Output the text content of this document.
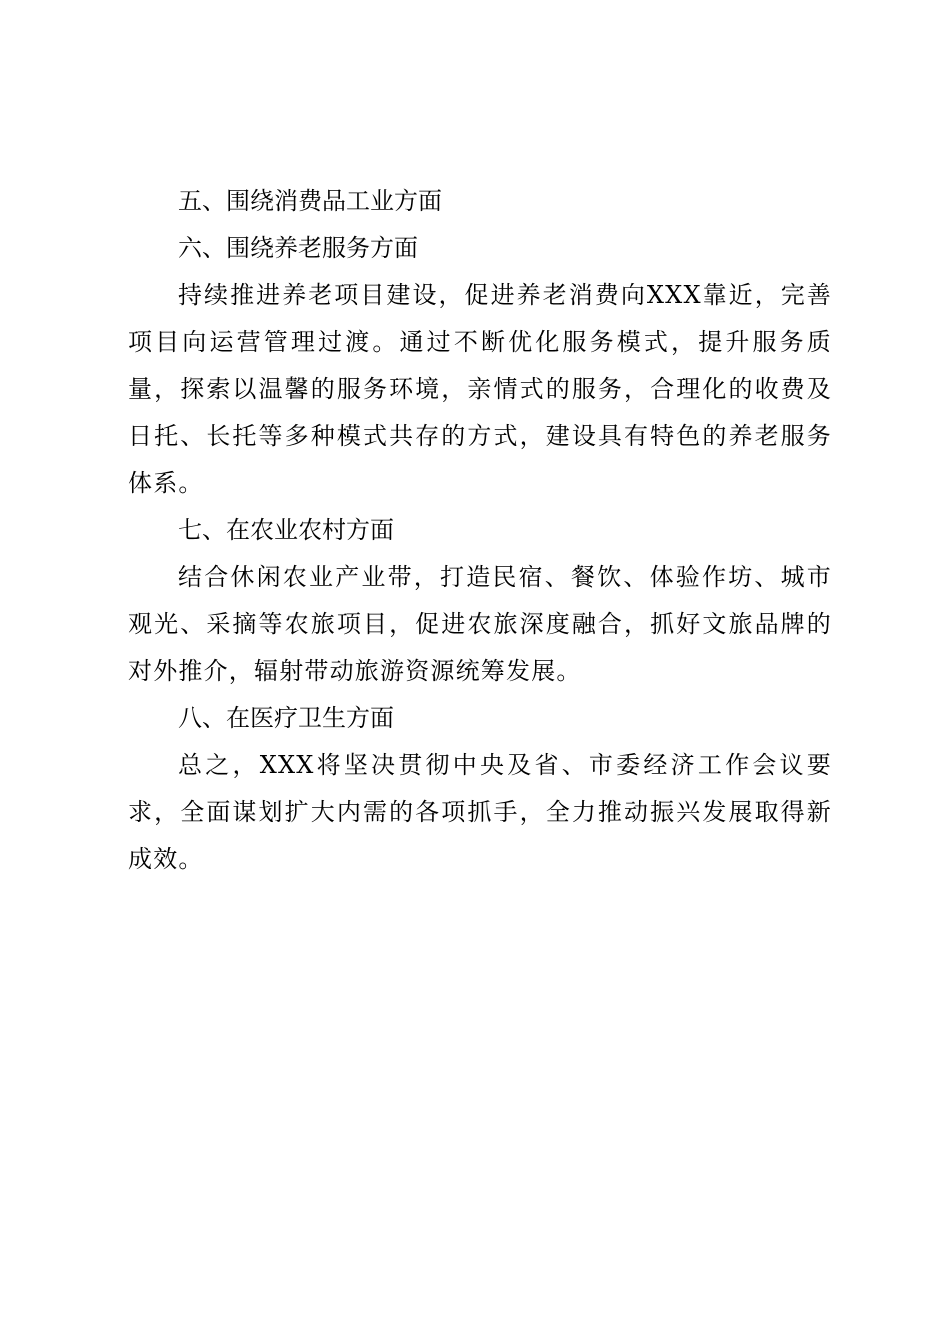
五、围绕消费品工业方面

六、围绕养老服务方面

持续推进养老项目建设，促进养老消费向XXX靠近，完善项目向运营管理过渡。通过不断优化服务模式，提升服务质量，探索以温馨的服务环境，亲情式的服务，合理化的收费及日托、长托等多种模式共存的方式，建设具有特色的养老服务体系。

七、在农业农村方面

结合休闲农业产业带，打造民宿、餐饮、体验作坊、城市观光、采摘等农旅项目，促进农旅深度融合，抓好文旅品牌的对外推介，辐射带动旅游资源统筹发展。

八、在医疗卫生方面

总之，XXX将坚决贯彻中央及省、市委经济工作会议要求，全面谋划扩大内需的各项抓手，全力推动振兴发展取得新成效。
